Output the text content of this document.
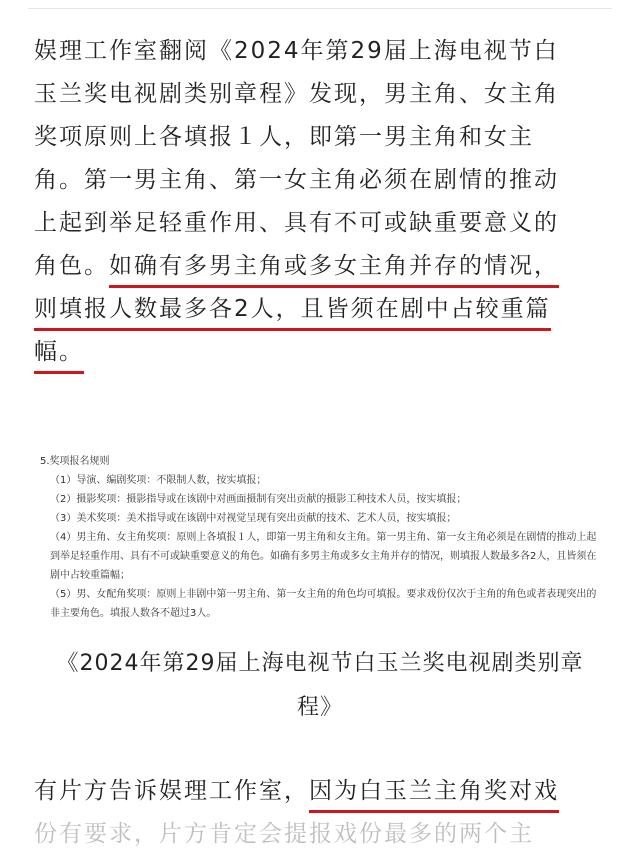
娱理工作室翻阅《2024年第29届上海电视节白
玉兰奖电视剧类别章程》发现，男主角、女主角
奖项原则上各填报１人，即第一男主角和女主
角。第一男主角、第一女主角必须在剧情的推动
上起到举足轻重作用、具有不可或缺重要意义的
角色。如确有多男主角或多女主角并存的情况，
则填报人数最多各2人，且皆须在剧中占较重篇
幅。
5.奖项报名规则
（1）导演、编剧奖项：不限制人数，按实填报；
（2）摄影奖项：摄影指导或在该剧中对画面摄制有突出贡献的摄影工种技术人员，按实填报；
（3）美术奖项：美术指导或在该剧中对视觉呈现有突出贡献的技术、艺术人员，按实填报；
（4）男主角、女主角奖项：原则上各填报１人，即第一男主角和女主角。第一男主角、第一女主角必须是在剧情的推动上起
到举足轻重作用、具有不可或缺重要意义的角色。如确有多男主角或多女主角并存的情况，则填报人数最多各2人，且皆须在
剧中占较重篇幅；
（5）男、女配角奖项：原则上非剧中第一男主角、第一女主角的角色均可填报。要求戏份仅次于主角的角色或者表现突出的
非主要角色。填报人数各不超过3人。
《2024年第29届上海电视节白玉兰奖电视剧类别章
程》
有片方告诉娱理工作室，因为白玉兰主角奖对戏
份有要求，片方肯定会提报戏份最多的两个主
